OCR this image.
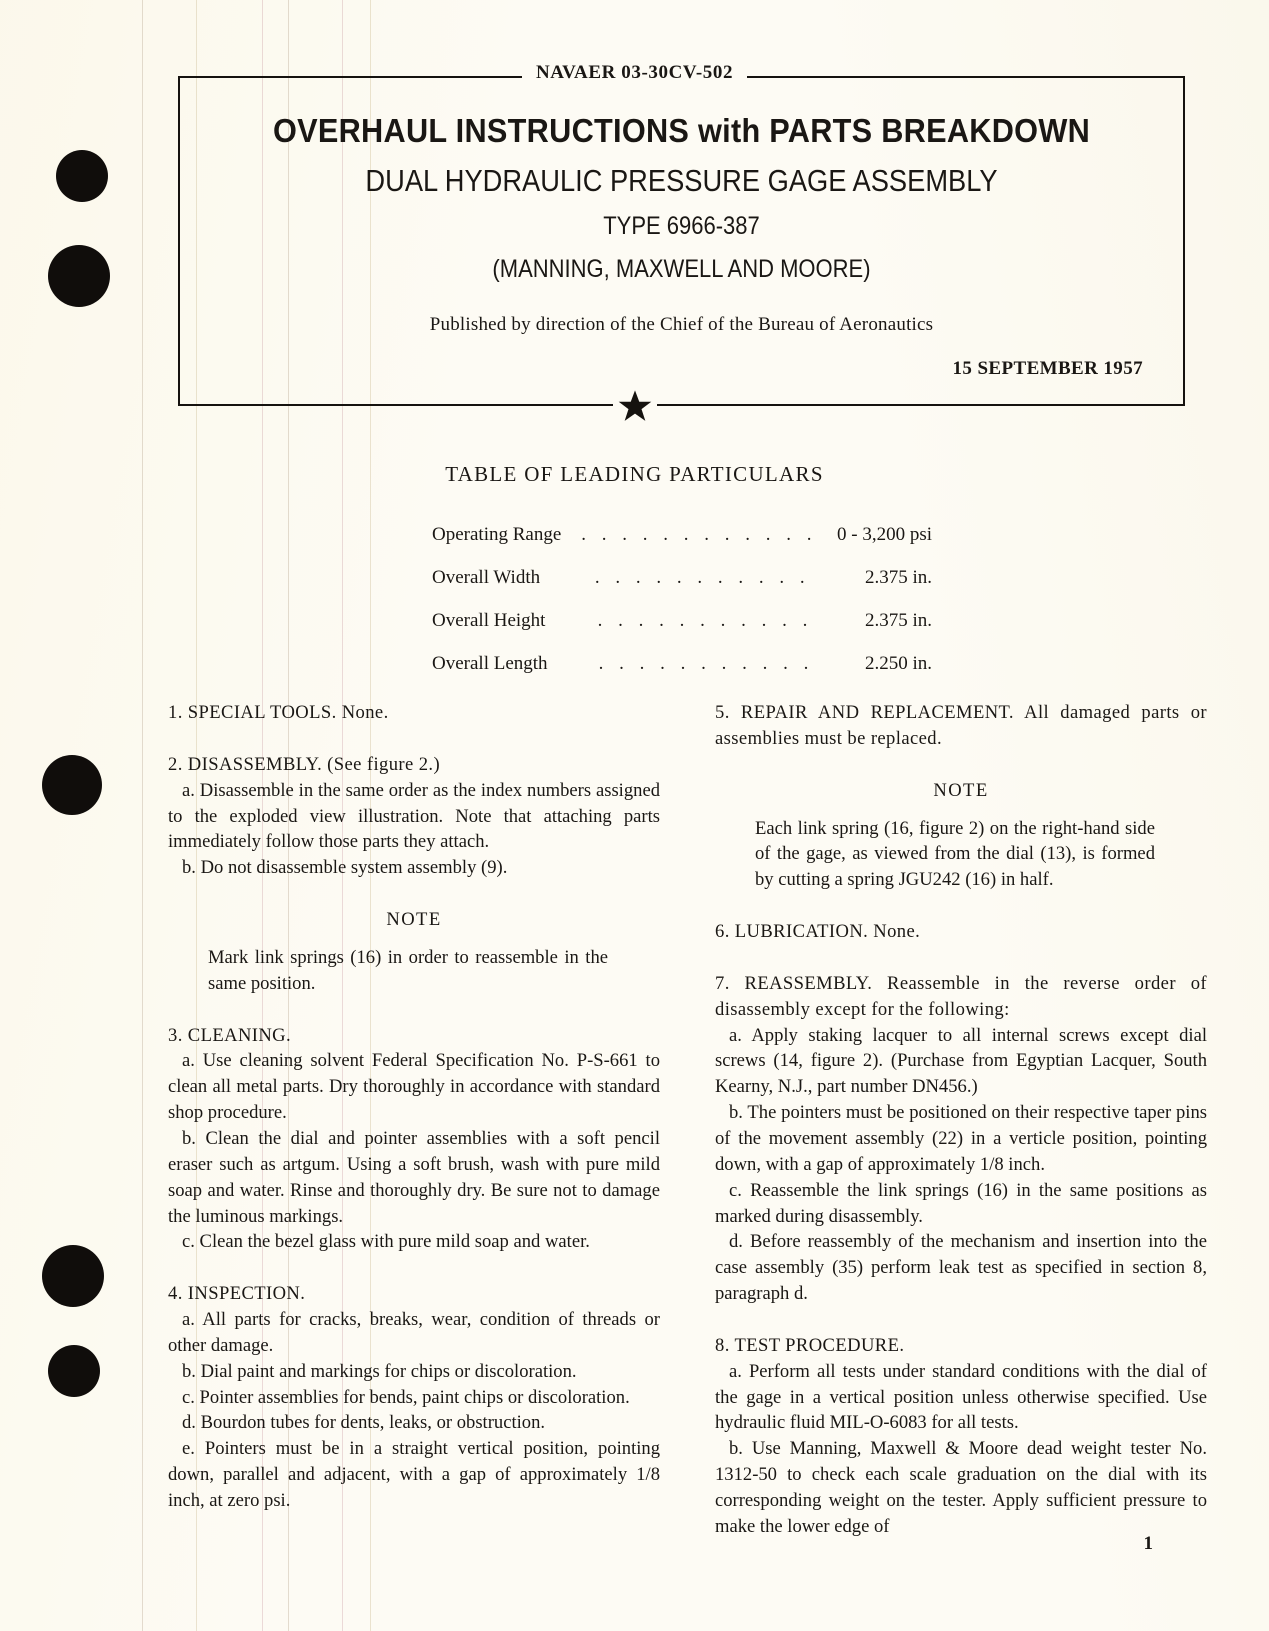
OVERHAUL INSTRUCTIONS with PARTS BREAKDOWN
DUAL HYDRAULIC PRESSURE GAGE ASSEMBLY
TYPE 6966-387
(MANNING, MAXWELL AND MOORE)
Published by direction of the Chief of the Bureau of Aeronautics
15 SEPTEMBER 1957
NAVAER 03-30CV-502
TABLE OF LEADING PARTICULARS
Operating Range	. . . . . . . . . . . .	0 - 3,200 psi
Overall Width	. . . . . . . . . . .	2.375 in.
Overall Height	. . . . . . . . . . .	2.375 in.
Overall Length	. . . . . . . . . . .	2.250 in.

1. SPECIAL TOOLS. None.

2. DISASSEMBLY. (See figure 2.)

a. Disassemble in the same order as the index numbers assigned to the exploded view illustration. Note that attaching parts immediately follow those parts they attach.

b. Do not disassemble system assembly (9).

NOTE

Mark link springs (16) in order to reassemble in the same position.

3. CLEANING.

a. Use cleaning solvent Federal Specification No. P-S-661 to clean all metal parts. Dry thoroughly in accordance with standard shop procedure.

b. Clean the dial and pointer assemblies with a soft pencil eraser such as artgum. Using a soft brush, wash with pure mild soap and water. Rinse and thoroughly dry. Be sure not to damage the luminous markings.

c. Clean the bezel glass with pure mild soap and water.

4. INSPECTION.

a. All parts for cracks, breaks, wear, condition of threads or other damage.

b. Dial paint and markings for chips or discoloration.

c. Pointer assemblies for bends, paint chips or discoloration.

d. Bourdon tubes for dents, leaks, or obstruction.

e. Pointers must be in a straight vertical position, pointing down, parallel and adjacent, with a gap of approximately 1/8 inch, at zero psi.

5. REPAIR AND REPLACEMENT. All damaged parts or assemblies must be replaced.

NOTE

Each link spring (16, figure 2) on the right-hand side of the gage, as viewed from the dial (13), is formed by cutting a spring JGU242 (16) in half.

6. LUBRICATION. None.

7. REASSEMBLY. Reassemble in the reverse order of disassembly except for the following:

a. Apply staking lacquer to all internal screws except dial screws (14, figure 2). (Purchase from Egyptian Lacquer, South Kearny, N.J., part number DN456.)

b. The pointers must be positioned on their respective taper pins of the movement assembly (22) in a verticle position, pointing down, with a gap of approximately 1/8 inch.

c. Reassemble the link springs (16) in the same positions as marked during disassembly.

d. Before reassembly of the mechanism and insertion into the case assembly (35) perform leak test as specified in section 8, paragraph d.

8. TEST PROCEDURE.

a. Perform all tests under standard conditions with the dial of the gage in a vertical position unless otherwise specified. Use hydraulic fluid MIL-O-6083 for all tests.

b. Use Manning, Maxwell & Moore dead weight tester No. 1312-50 to check each scale graduation on the dial with its corresponding weight on the tester. Apply sufficient pressure to make the lower edge of

1
